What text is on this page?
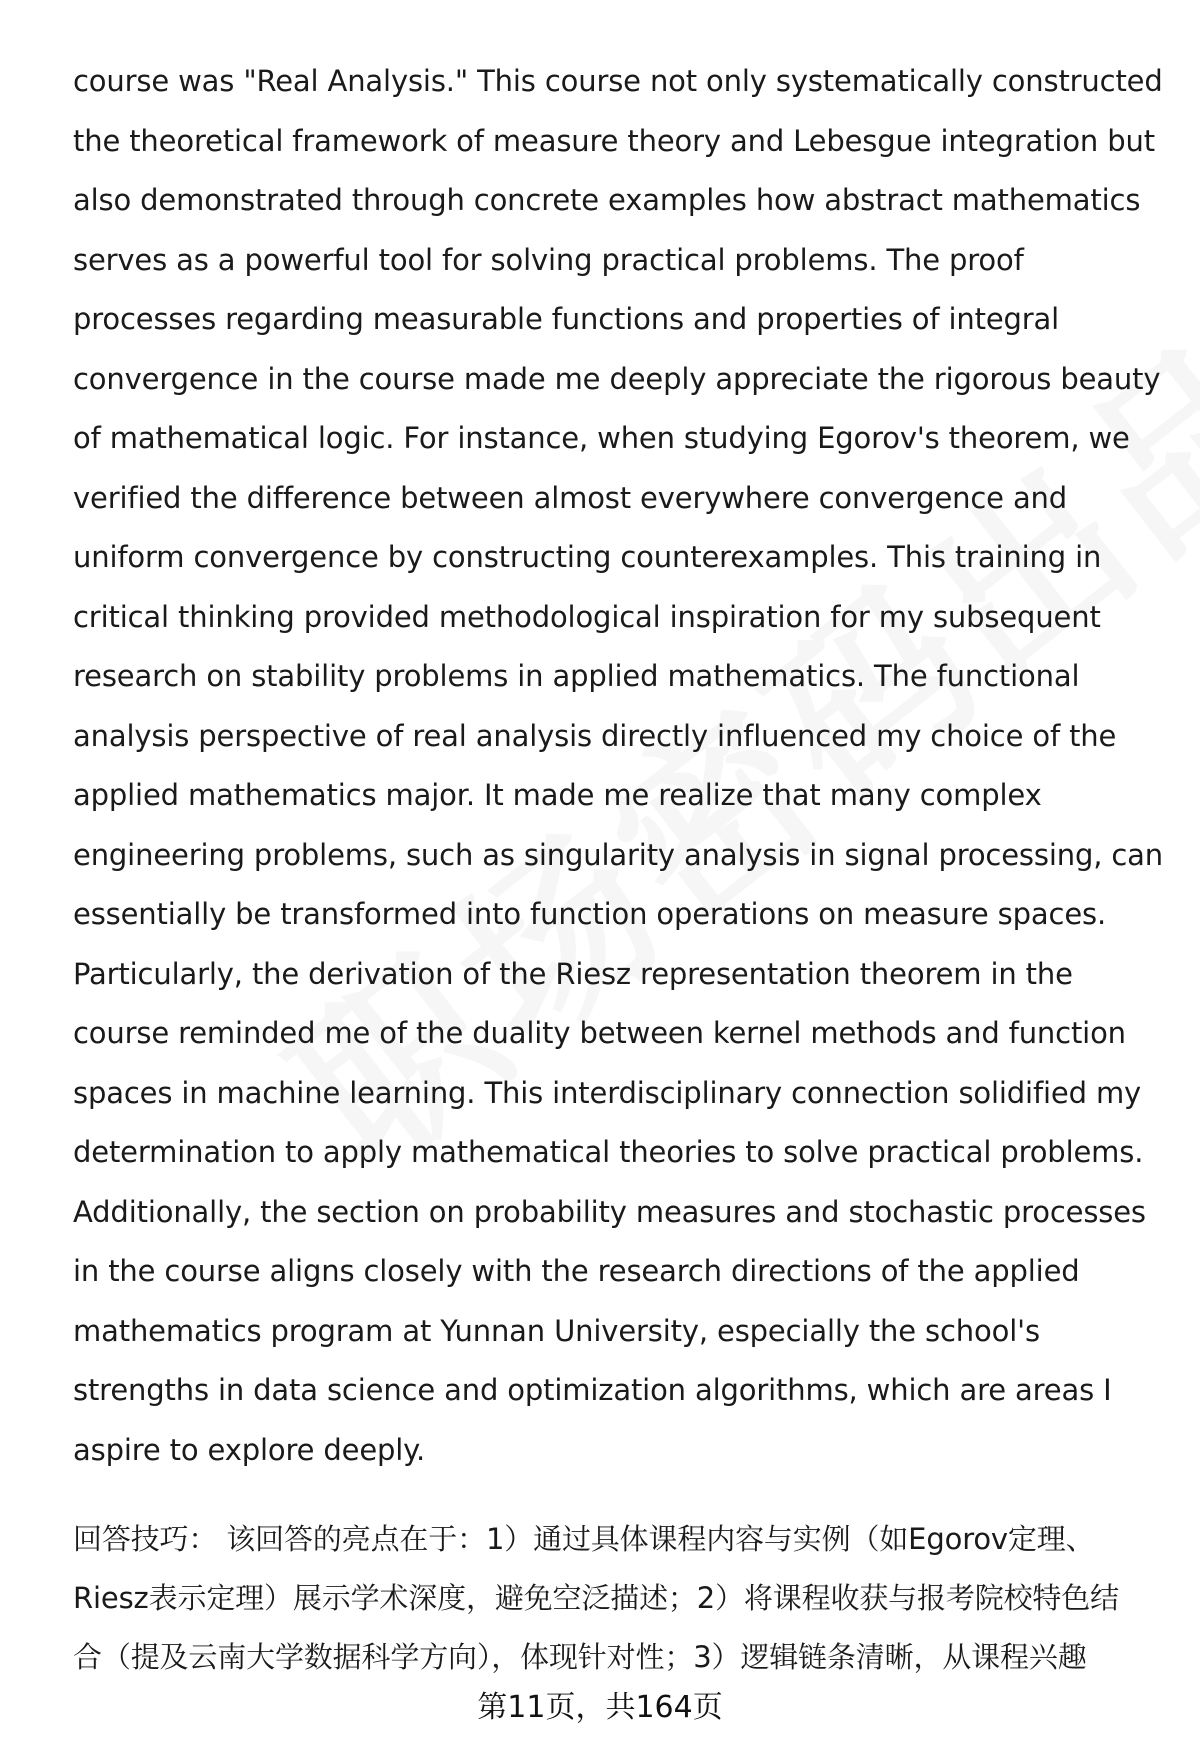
course was "Real Analysis." This course not only systematically constructed
the theoretical framework of measure theory and Lebesgue integration but
also demonstrated through concrete examples how abstract mathematics
serves as a powerful tool for solving practical problems. The proof
processes regarding measurable functions and properties of integral
convergence in the course made me deeply appreciate the rigorous beauty
of mathematical logic. For instance, when studying Egorov's theorem, we
verified the difference between almost everywhere convergence and
uniform convergence by constructing counterexamples. This training in
critical thinking provided methodological inspiration for my subsequent
research on stability problems in applied mathematics. The functional
analysis perspective of real analysis directly influenced my choice of the
applied mathematics major. It made me realize that many complex
engineering problems, such as singularity analysis in signal processing, can
essentially be transformed into function operations on measure spaces.
Particularly, the derivation of the Riesz representation theorem in the
course reminded me of the duality between kernel methods and function
spaces in machine learning. This interdisciplinary connection solidified my
determination to apply mathematical theories to solve practical problems.
Additionally, the section on probability measures and stochastic processes
in the course aligns closely with the research directions of the applied
mathematics program at Yunnan University, especially the school's
strengths in data science and optimization algorithms, which are areas I
aspire to explore deeply.
回答技巧： 该回答的亮点在于：1）通过具体课程内容与实例（如Egorov定理、
Riesz表示定理）展示学术深度，避免空泛描述；2）将课程收获与报考院校特色结
合（提及云南大学数据科学方向），体现针对性；3）逻辑链条清晰，从课程兴趣
第11页，共164页
